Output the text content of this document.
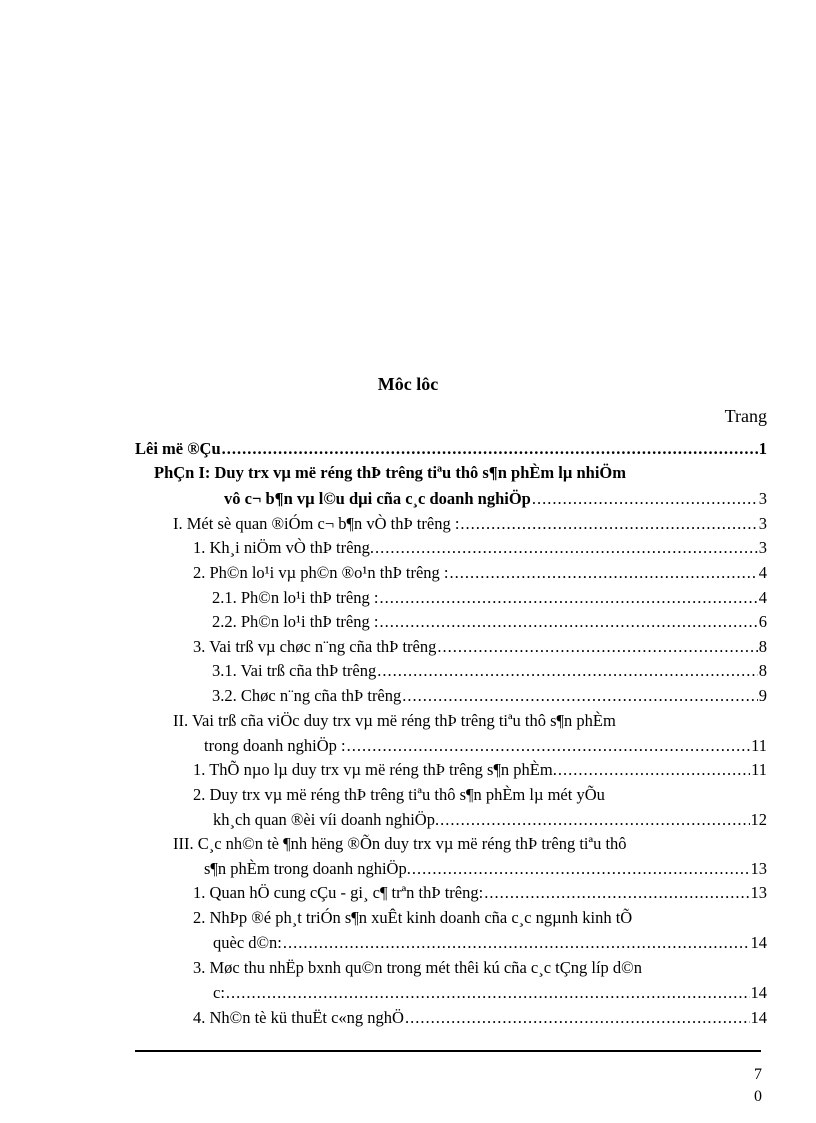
Môc lôc
Trang
Lêi më ®Çu .....	1
PhÇn I: Duy trx vµ më réng thÞ trêng tiªu thô s¶n phÈm lµ nhiÖm
vô c¬ b¶n vµ l©u dµi cña c¸c doanh nghiÖp .....	3
I. Mét sè quan ®iÓm c¬ b¶n vÒ thÞ trêng : .....	3
1. Kh¸i niÖm vÒ thÞ trêng. .....	3
2. Ph©n lo¹i vµ ph©n ®o¹n thÞ trêng : .....	4
2.1. Ph©n lo¹i thÞ trêng : .....	4
2.2. Ph©n lo¹i thÞ trêng : .....	6
3. Vai trß vµ chøc n¨ng cña thÞ trêng .....	8
3.1. Vai trß cña thÞ trêng .....	8
3.2. Chøc n¨ng cña thÞ trêng .....	9
II. Vai trß cña viÖc duy trx vµ më réng thÞ trêng tiªu thô s¶n phÈm
trong doanh nghiÖp : .....	11
1. ThÕ nµo lµ duy trx vµ më réng thÞ trêng s¶n phÈm. .....	11
2. Duy trx vµ më réng thÞ trêng tiªu thô s¶n phÈm lµ mét yÕu
kh¸ch quan ®èi víi doanh nghiÖp. .....	12
III. C¸c nh©n tè ¶nh hëng ®Õn duy trx vµ më réng thÞ trêng tiªu thô
s¶n phÈm trong doanh nghiÖp. .....	13
1. Quan hÖ cung cÇu - gi¸ c¶ trªn thÞ trêng: .....	13
2. NhÞp ®é ph¸t triÓn s¶n xuÊt kinh doanh cña c¸c ngµnh kinh tÕ
quèc d©n: .....	14
3. Møc thu nhËp bxnh qu©n trong mét thêi kú cña c¸c tÇng líp d©n
c: .....	14
4. Nh©n tè kü thuËt c«ng nghÖ .....	14
7
0
